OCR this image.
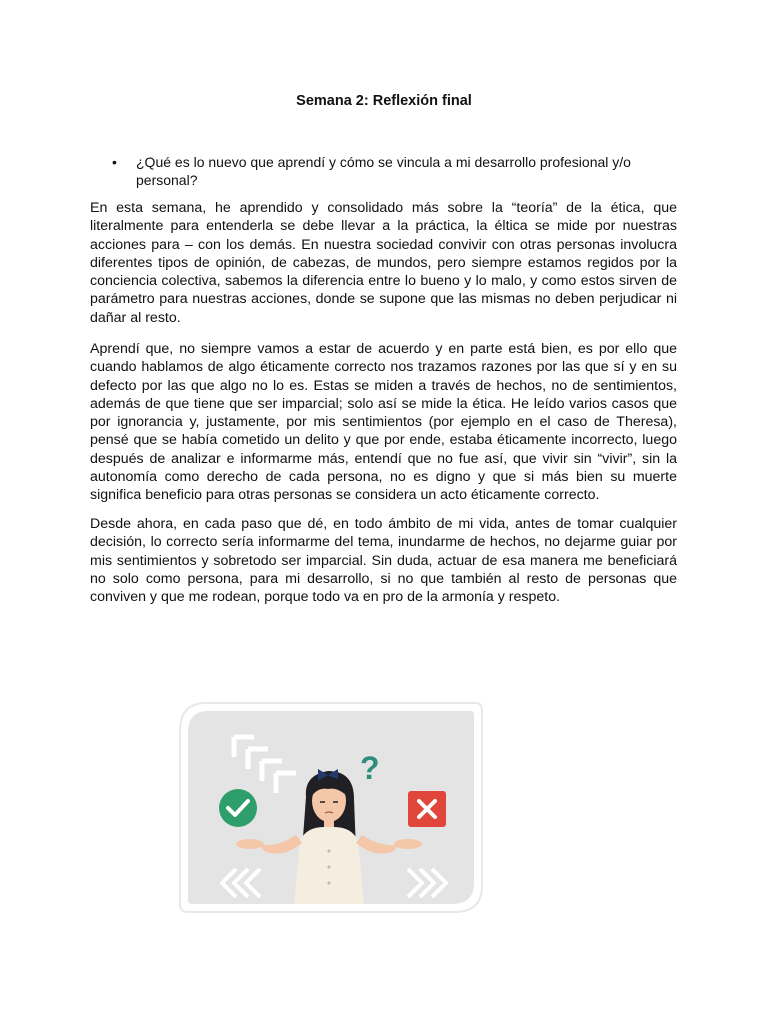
Semana 2: Reflexión final
• ¿Qué es lo nuevo que aprendí y cómo se vincula a mi desarrollo profesional y/o personal?

En esta semana, he aprendido y consolidado más sobre la “teoría” de la ética, que literalmente para entenderla se debe llevar a la práctica, la éltica se mide por nuestras acciones para – con los demás. En nuestra sociedad convivir con otras personas involucra diferentes tipos de opinión, de cabezas, de mundos, pero siempre estamos regidos por la conciencia colectiva, sabemos la diferencia entre lo bueno y lo malo, y como estos sirven de parámetro para nuestras acciones, donde se supone que las mismas no deben perjudicar ni dañar al resto.

Aprendí que, no siempre vamos a estar de acuerdo y en parte está bien, es por ello que cuando hablamos de algo éticamente correcto nos trazamos razones por las que sí y en su defecto por las que algo no lo es. Estas se miden a través de hechos, no de sentimientos, además de que tiene que ser imparcial; solo así se mide la ética. He leído varios casos que por ignorancia y, justamente, por mis sentimientos (por ejemplo en el caso de Theresa), pensé que se había cometido un delito y que por ende, estaba éticamente incorrecto, luego después de analizar e informarme más, entendí que no fue así, que vivir sin “vivir”, sin la autonomía como derecho de cada persona, no es digno y que si más bien su muerte significa beneficio para otras personas se considera un acto éticamente correcto.

Desde ahora, en cada paso que dé, en todo ámbito de mi vida, antes de tomar cualquier decisión, lo correcto sería informarme del tema, inundarme de hechos, no dejarme guiar por mis sentimientos y sobretodo ser imparcial. Sin duda, actuar de esa manera me beneficiará no solo como persona, para mi desarrollo, si no que también al resto de personas que conviven y que me rodean, porque todo va en pro de la armonía y respeto.

?
